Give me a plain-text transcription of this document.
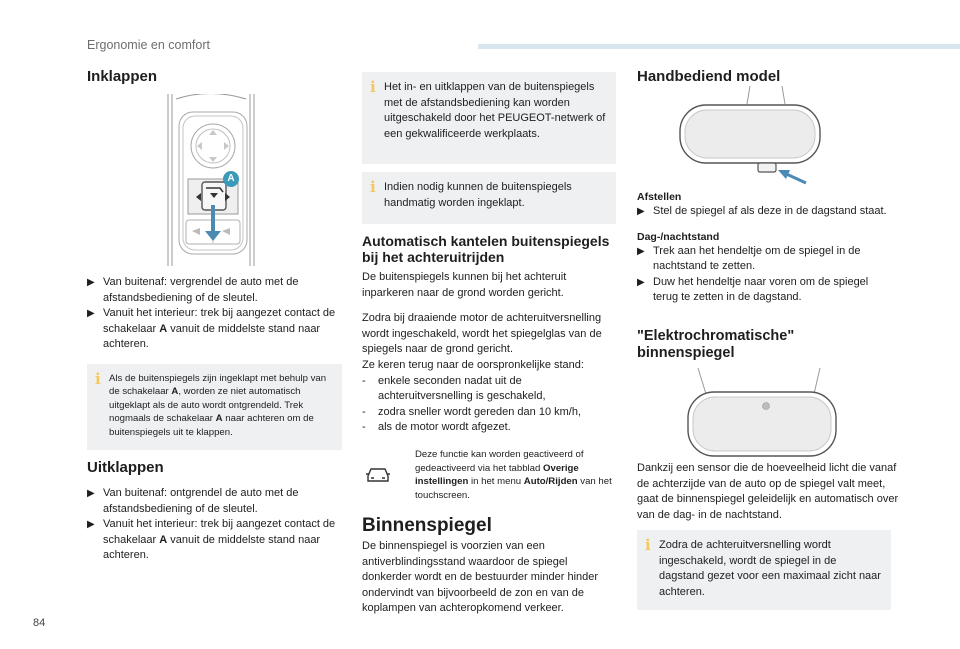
Ergonomie en comfort
84
Inklappen
A
▶ Van buitenaf: vergrendel de auto met de afstandsbediening of de sleutel.
▶ Vanuit het interieur: trek bij aangezet contact de schakelaar A vanuit de middelste stand naar achteren.
i Als de buitenspiegels zijn ingeklapt met behulp van de schakelaar A, worden ze niet automatisch uitgeklapt als de auto wordt ontgrendeld. Trek nogmaals de schakelaar A naar achteren om de buitenspiegels uit te klappen.
Uitklappen
▶ Van buitenaf: ontgrendel de auto met de afstandsbediening of de sleutel.
▶ Vanuit het interieur: trek bij aangezet contact de schakelaar A vanuit de middelste stand naar achteren.
i Het in- en uitklappen van de buitenspiegels met de afstandsbediening kan worden uitgeschakeld door het PEUGEOT-netwerk of een gekwalificeerde werkplaats.

i Indien nodig kunnen de buitenspiegels handmatig worden ingeklapt.

Automatisch kantelen buitenspiegels bij het achteruitrijden

De buitenspiegels kunnen bij het achteruit inparkeren naar de grond worden gericht.

Zodra bij draaiende motor de achteruitversnelling wordt ingeschakeld, wordt het spiegelglas van de spiegels naar de grond gericht.

Ze keren terug naar de oorspronkelijke stand:

- enkele seconden nadat uit de achteruitversnelling is geschakeld,
- zodra sneller wordt gereden dan 10 km/h,
- als de motor wordt afgezet.
Deze functie kan worden geactiveerd of gedeactiveerd via het tabblad Overige instellingen in het menu Auto/Rijden van het touchscreen.
Binnenspiegel

De binnenspiegel is voorzien van een antiverblindingsstand waardoor de spiegel donkerder wordt en de bestuurder minder hinder ondervindt van bijvoorbeeld de zon en van de koplampen van achteropkomend verkeer.

Handbediend model
Afstellen
▶ Stel de spiegel af als deze in de dagstand staat.
Dag-/nachtstand
▶ Trek aan het hendeltje om de spiegel in de nachtstand te zetten.
▶ Duw het hendeltje naar voren om de spiegel terug te zetten in de dagstand.
"Elektrochromatische"
binnenspiegel

Dankzij een sensor die de hoeveelheid licht die vanaf de achterzijde van de auto op de spiegel valt meet, gaat de binnenspiegel geleidelijk en automatisch over van de dag- in de nachtstand.

i Zodra de achteruitversnelling wordt ingeschakeld, wordt de spiegel in de dagstand gezet voor een maximaal zicht naar achteren.
